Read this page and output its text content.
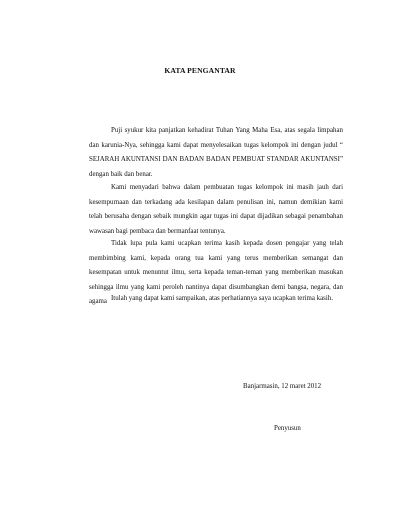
KATA PENGANTAR

Puji syukur kita panjatkan kehadirat Tuhan Yang Maha Esa, atas segala limpahan dan karunia-Nya, sehingga kami dapat menyelesaikan tugas kelompok ini dengan judul “ SEJARAH AKUNTANSI DAN BADAN BADAN PEMBUAT STANDAR AKUNTANSI” dengan baik dan benar.

Kami menyadari bahwa dalam pembuatan tugas kelompok ini masih jauh dari kesempurnaan dan terkadang ada kesilapan dalam penulisan ini, namun demikian kami telah berusaha dengan sebaik mungkin agar tugas ini dapat dijadikan sebagai penambahan wawasan bagi pembaca dan bermanfaat tentunya.

Tidak lupa pula kami ucapkan terima kasih kepada dosen pengajar yang telah membimbing kami, kepada orang tua kami yang terus memberikan semangat dan kesempatan untuk menuntut ilmu, serta kepada teman-teman yang memberikan masukan sehingga ilmu yang kami peroleh nantinya dapat disumbangkan demi bangsa, negara, dan agama Itulah yang dapat kami sampaikan, atas perhatiannya saya ucapkan terima kasih.

Banjarmasin, 12 maret 2012
Penyusun
